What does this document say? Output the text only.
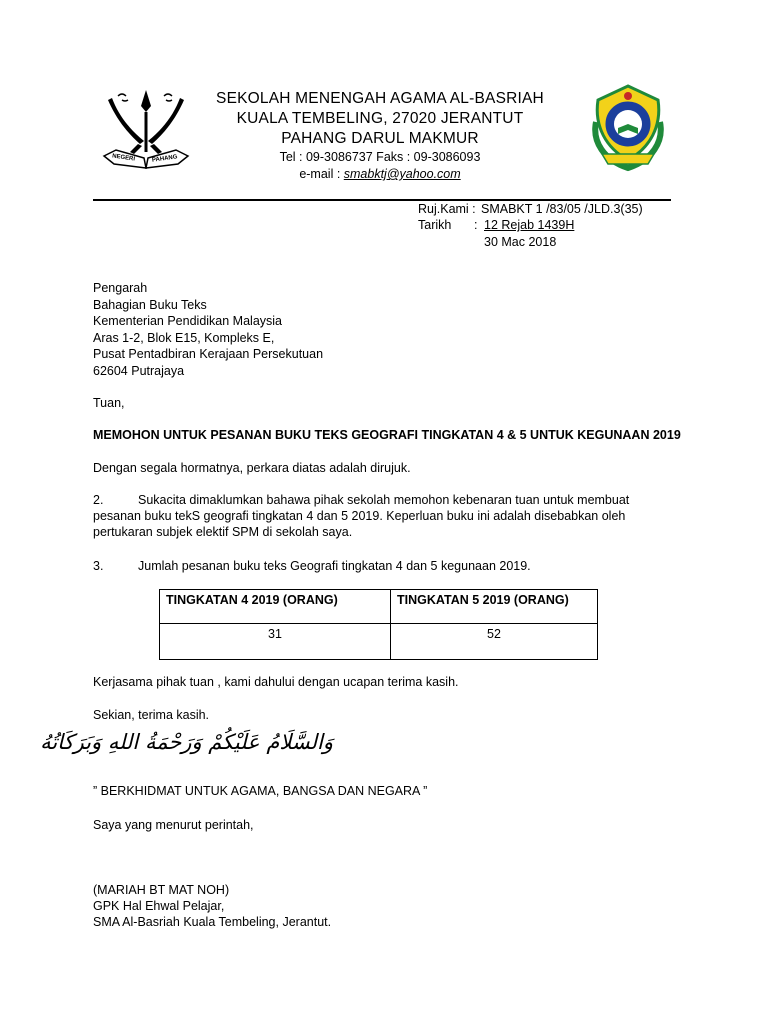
NEGERI	PAHANG
SEKOLAH MENENGAH AGAMA AL-BASRIAH
KUALA TEMBELING, 27020 JERANTUT
PAHANG DARUL MAKMUR
Tel : 09-3086737 Faks : 09-3086093
e-mail : smabktj@yahoo.com
Ruj.Kami : SMABKT 1 /83/05 /JLD.3(35)
Tarikh : 12 Rejab 1439H
30 Mac 2018
Pengarah
Bahagian Buku Teks
Kementerian Pendidikan Malaysia
Aras 1-2, Blok E15, Kompleks E,
Pusat Pentadbiran Kerajaan Persekutuan
62604 Putrajaya
Tuan,
MEMOHON UNTUK PESANAN BUKU TEKS GEOGRAFI TINGKATAN 4 & 5 UNTUK KEGUNAAN 2019
Dengan segala hormatnya, perkara diatas adalah dirujuk.
2.	Sukacita dimaklumkan bahawa pihak sekolah memohon kebenaran tuan untuk membuat
pesanan buku tekS geografi tingkatan 4 dan 5 2019. Keperluan buku ini adalah disebabkan oleh
pertukaran subjek elektif SPM di sekolah saya.
3.	Jumlah pesanan buku teks Geografi tingkatan 4 dan 5 kegunaan 2019.
TINGKATAN 4 2019 (ORANG)	TINGKATAN 5 2019 (ORANG)
31	52
Kerjasama pihak tuan , kami dahului dengan ucapan terima kasih.
Sekian, terima kasih.
وَالسَّلَامُ عَلَيْكُمْ وَرَحْمَةُ اللهِ وَبَرَكَاتُهُ
” BERKHIDMAT UNTUK AGAMA, BANGSA DAN NEGARA ”
Saya yang menurut perintah,
(MARIAH BT MAT NOH)
GPK Hal Ehwal Pelajar,
SMA Al-Basriah Kuala Tembeling, Jerantut.
